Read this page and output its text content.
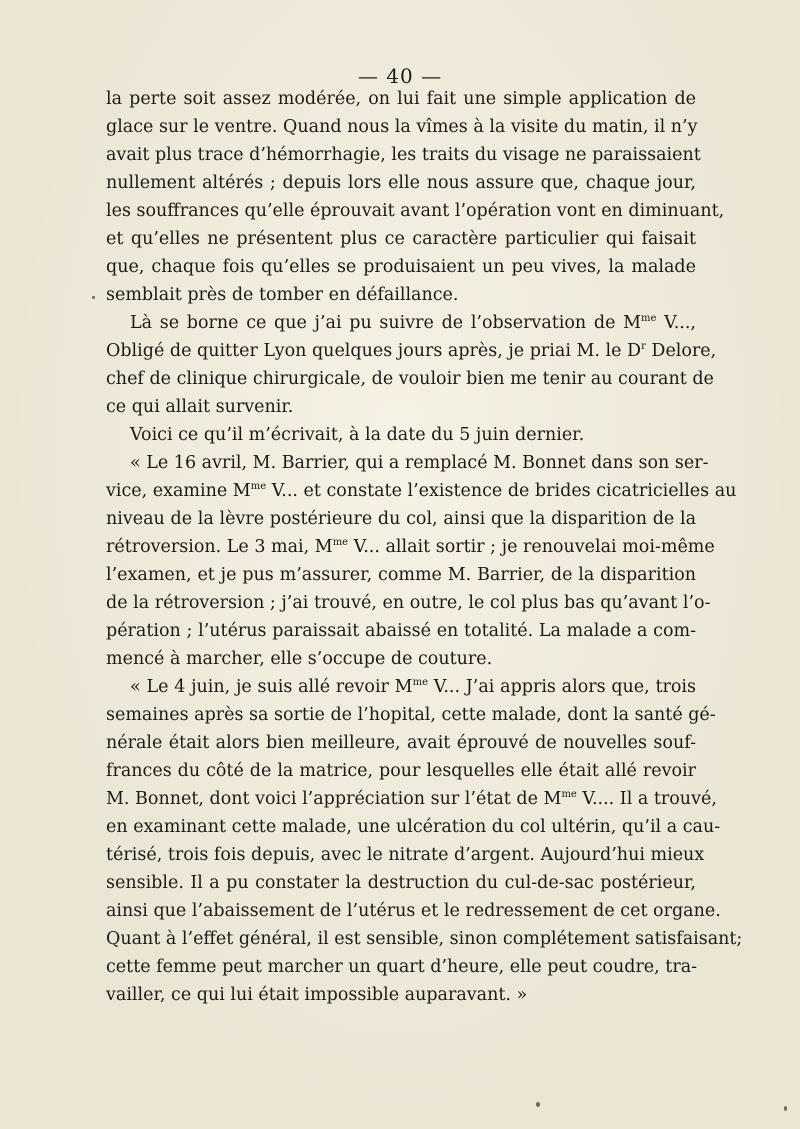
— 40 —
la perte soit assez modérée, on lui fait une simple application de
glace sur le ventre. Quand nous la vîmes à la visite du matin, il n’y
avait plus trace d’hémorrhagie, les traits du visage ne paraissaient
nullement altérés ; depuis lors elle nous assure que, chaque jour,
les souffrances qu’elle éprouvait avant l’opération vont en diminuant,
et qu’elles ne présentent plus ce caractère particulier qui faisait
que, chaque fois qu’elles se produisaient un peu vives, la malade
semblait près de tomber en défaillance.
Là se borne ce que j’ai pu suivre de l’observation de $M^{me}$ V...,
Obligé de quitter Lyon quelques jours après, je priai M. le $D^r$ Delore,
chef de clinique chirurgicale, de vouloir bien me tenir au courant de
ce qui allait survenir.
Voici ce qu’il m’écrivait, à la date du 5 juin dernier.
« Le 16 avril, M. Barrier, qui a remplacé M. Bonnet dans son ser-
vice, examine $M^{me}$ V... et constate l’existence de brides cicatricielles au
niveau de la lèvre postérieure du col, ainsi que la disparition de la
rétroversion. Le 3 mai, $M^{me}$ V... allait sortir ; je renouvelai moi-même
l’examen, et je pus m’assurer, comme M. Barrier, de la disparition
de la rétroversion ; j’ai trouvé, en outre, le col plus bas qu’avant l’o-
pération ; l’utérus paraissait abaissé en totalité. La malade a com-
mencé à marcher, elle s’occupe de couture.
« Le 4 juin, je suis allé revoir $M^{me}$ V... J’ai appris alors que, trois
semaines après sa sortie de l’hopital, cette malade, dont la santé gé-
nérale était alors bien meilleure, avait éprouvé de nouvelles souf-
frances du côté de la matrice, pour lesquelles elle était allé revoir
M. Bonnet, dont voici l’appréciation sur l’état de $M^{me}$ V.... Il a trouvé,
en examinant cette malade, une ulcération du col ultérin, qu’il a cau-
térisé, trois fois depuis, avec le nitrate d’argent. Aujourd’hui mieux
sensible. Il a pu constater la destruction du cul-de-sac postérieur,
ainsi que l’abaissement de l’utérus et le redressement de cet organe.
Quant à l’effet général, il est sensible, sinon complétement satisfaisant;
cette femme peut marcher un quart d’heure, elle peut coudre, tra-
vailler, ce qui lui était impossible auparavant. »
